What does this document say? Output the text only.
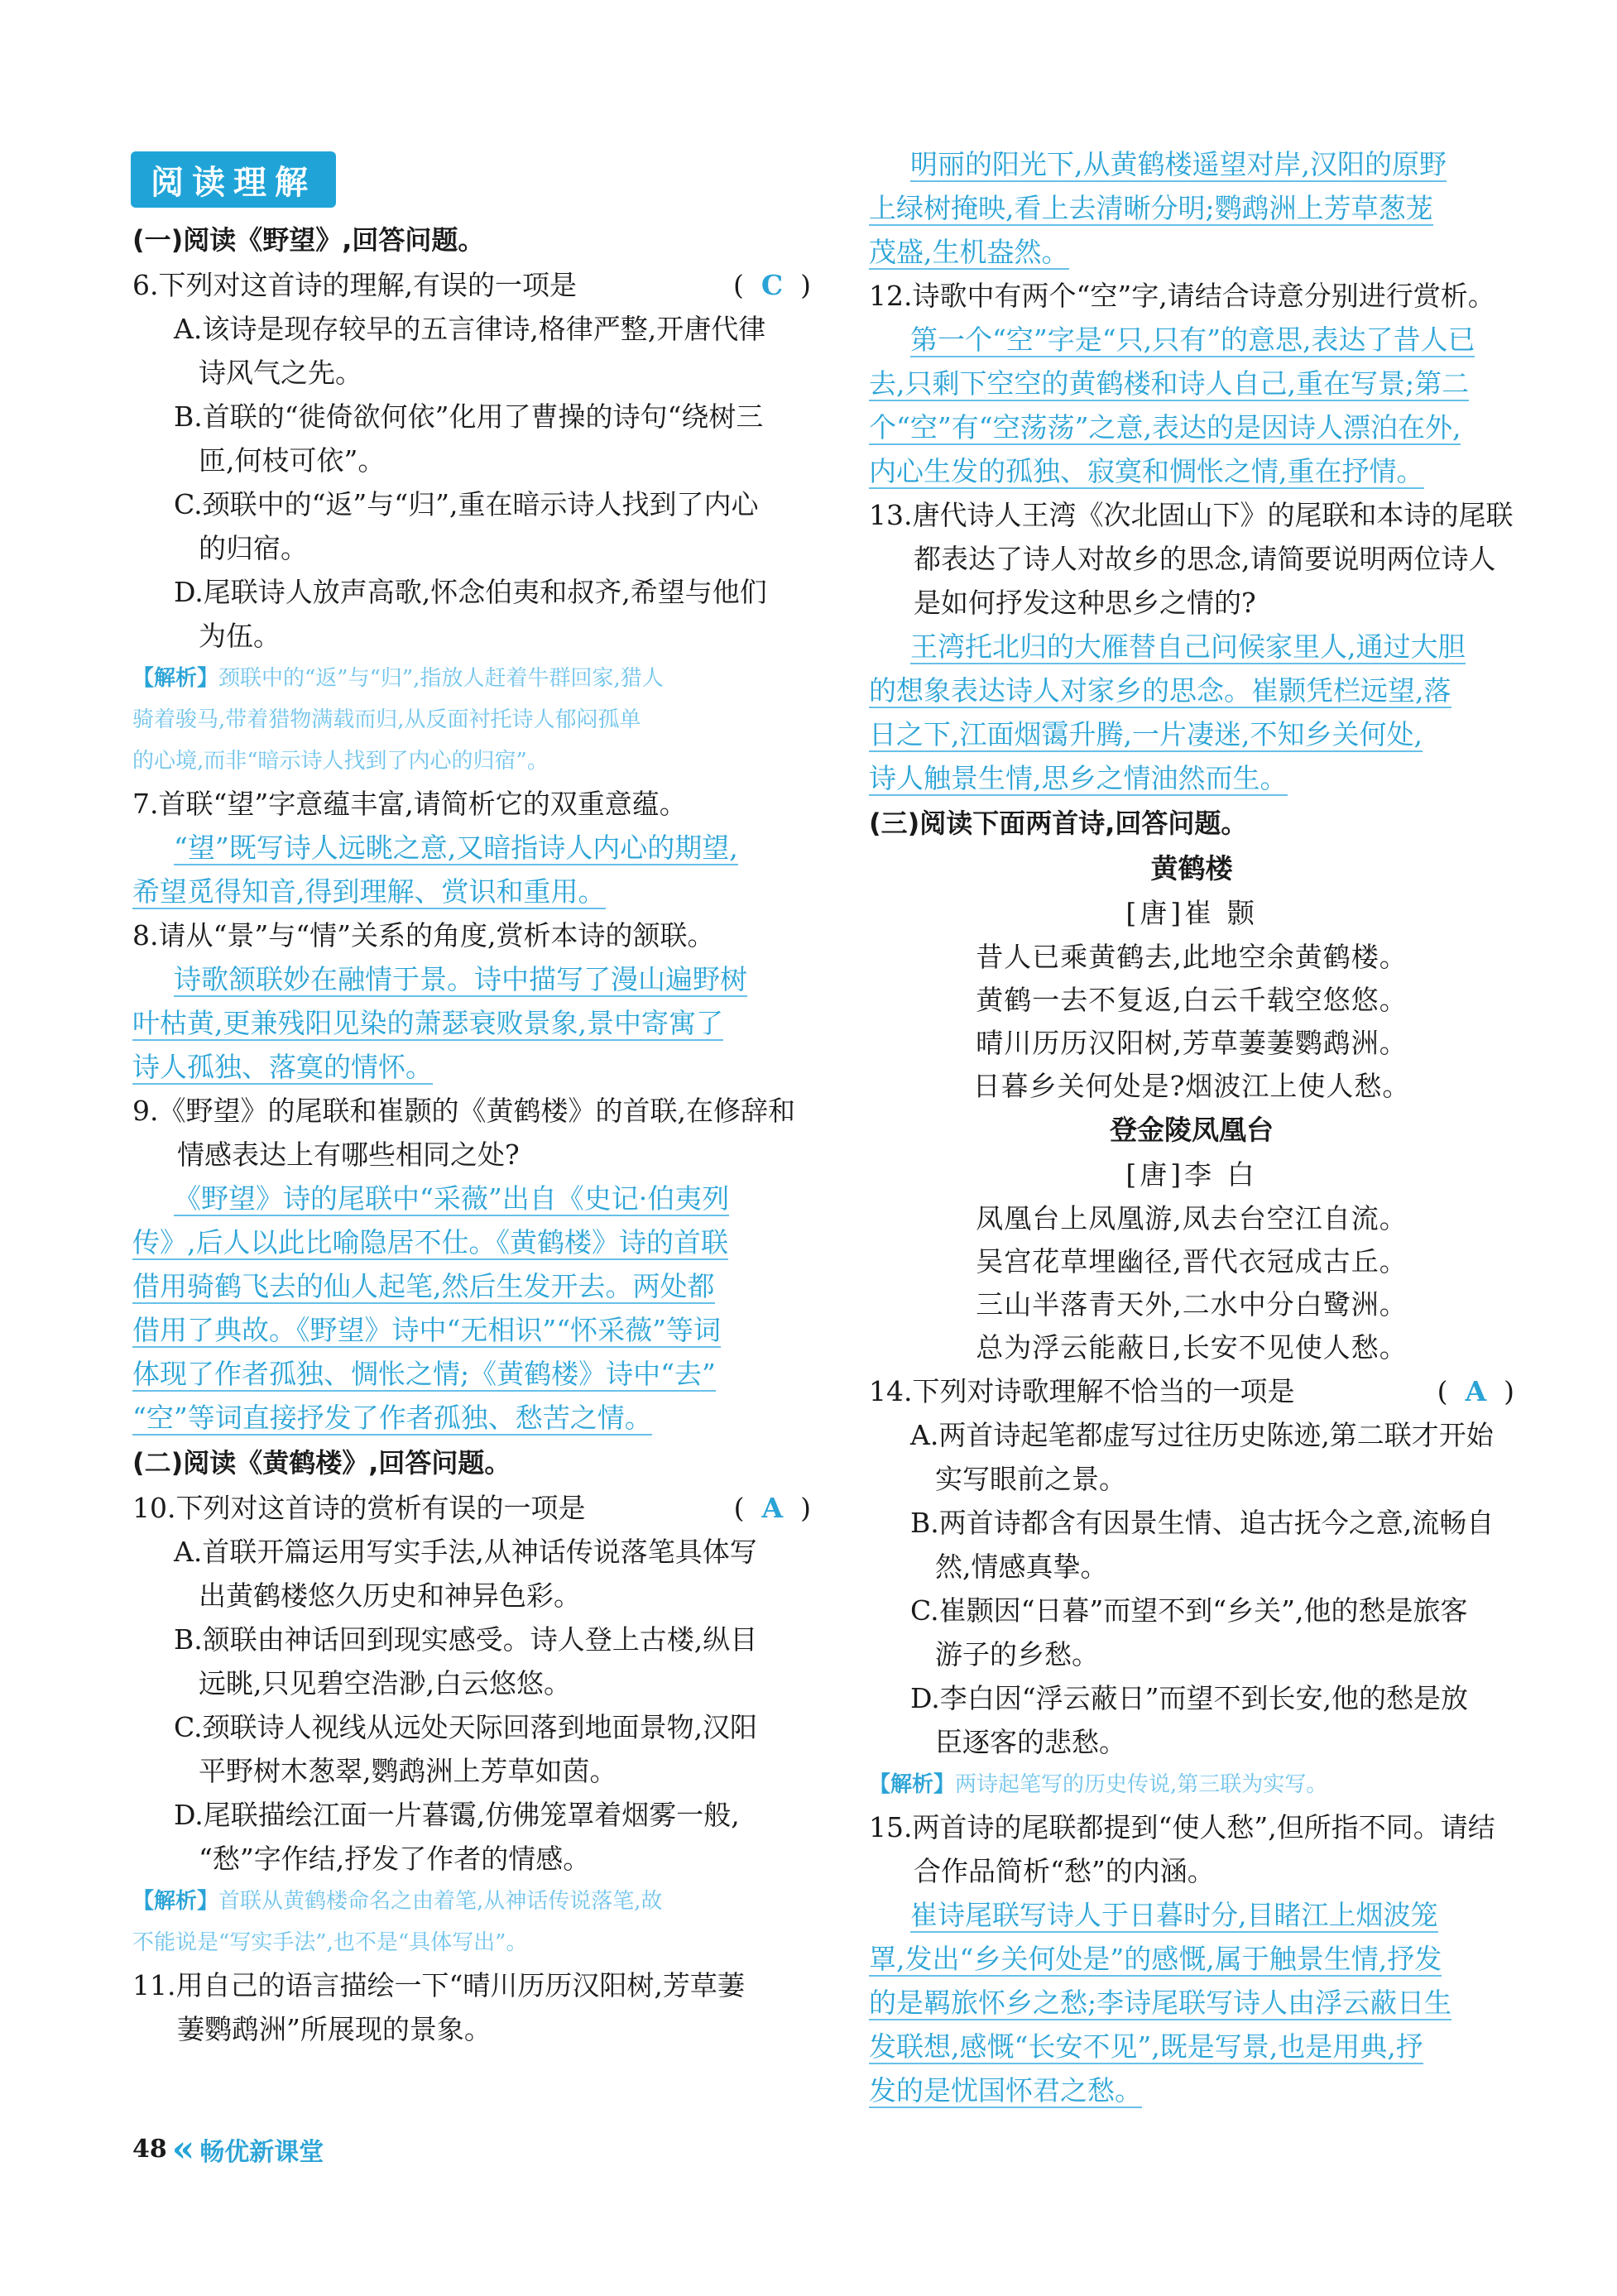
阅读理解
(一)阅读《野望》,回答问题。
6.下列对这首诗的理解,有误的一项是	(  C  )
A.该诗是现存较早的五言律诗,格律严整,开唐代律
诗风气之先。
B.首联的“徙倚欲何依”化用了曹操的诗句“绕树三
匝,何枝可依”。
C.颈联中的“返”与“归”,重在暗示诗人找到了内心
的归宿。
D.尾联诗人放声高歌,怀念伯夷和叔齐,希望与他们
为伍。
【解析】颈联中的“返”与“归”,指放人赶着牛群回家,猎人
骑着骏马,带着猎物满载而归,从反面衬托诗人郁闷孤单
的心境,而非“暗示诗人找到了内心的归宿”。
7.首联“望”字意蕴丰富,请简析它的双重意蕴。
“望”既写诗人远眺之意,又暗指诗人内心的期望,
希望觅得知音,得到理解、赏识和重用。
8.请从“景”与“情”关系的角度,赏析本诗的颔联。
诗歌颔联妙在融情于景。诗中描写了漫山遍野树
叶枯黄,更兼残阳见染的萧瑟衰败景象,景中寄寓了
诗人孤独、落寞的情怀。
9.《野望》的尾联和崔颢的《黄鹤楼》的首联,在修辞和
情感表达上有哪些相同之处?
《野望》诗的尾联中“采薇”出自《史记·伯夷列
传》,后人以此比喻隐居不仕。《黄鹤楼》诗的首联
借用骑鹤飞去的仙人起笔,然后生发开去。两处都
借用了典故。《野望》诗中“无相识”“怀采薇”等词
体现了作者孤独、惆怅之情;《黄鹤楼》诗中“去”
“空”等词直接抒发了作者孤独、愁苦之情。
(二)阅读《黄鹤楼》,回答问题。
10.下列对这首诗的赏析有误的一项是	(  A  )
A.首联开篇运用写实手法,从神话传说落笔具体写
出黄鹤楼悠久历史和神异色彩。
B.颔联由神话回到现实感受。诗人登上古楼,纵目
远眺,只见碧空浩渺,白云悠悠。
C.颈联诗人视线从远处天际回落到地面景物,汉阳
平野树木葱翠,鹦鹉洲上芳草如茵。
D.尾联描绘江面一片暮霭,仿佛笼罩着烟雾一般,
“愁”字作结,抒发了作者的情感。
【解析】首联从黄鹤楼命名之由着笔,从神话传说落笔,故
不能说是“写实手法”,也不是“具体写出”。
11.用自己的语言描绘一下“晴川历历汉阳树,芳草萋
萋鹦鹉洲”所展现的景象。
明丽的阳光下,从黄鹤楼遥望对岸,汉阳的原野
上绿树掩映,看上去清晰分明;鹦鹉洲上芳草葱茏
茂盛,生机盎然。
12.诗歌中有两个“空”字,请结合诗意分别进行赏析。
第一个“空”字是“只,只有”的意思,表达了昔人已
去,只剩下空空的黄鹤楼和诗人自己,重在写景;第二
个“空”有“空荡荡”之意,表达的是因诗人漂泊在外,
内心生发的孤独、寂寞和惆怅之情,重在抒情。
13.唐代诗人王湾《次北固山下》的尾联和本诗的尾联
都表达了诗人对故乡的思念,请简要说明两位诗人
是如何抒发这种思乡之情的?
王湾托北归的大雁替自己问候家里人,通过大胆
的想象表达诗人对家乡的思念。崔颢凭栏远望,落
日之下,江面烟霭升腾,一片凄迷,不知乡关何处,
诗人触景生情,思乡之情油然而生。
(三)阅读下面两首诗,回答问题。
黄鹤楼
[唐]崔 颢
昔人已乘黄鹤去,此地空余黄鹤楼。
黄鹤一去不复返,白云千载空悠悠。
晴川历历汉阳树,芳草萋萋鹦鹉洲。
日暮乡关何处是?烟波江上使人愁。
登金陵凤凰台
[唐]李 白
凤凰台上凤凰游,凤去台空江自流。
吴宫花草埋幽径,晋代衣冠成古丘。
三山半落青天外,二水中分白鹭洲。
总为浮云能蔽日,长安不见使人愁。
14.下列对诗歌理解不恰当的一项是	(  A  )
A.两首诗起笔都虚写过往历史陈迹,第二联才开始
实写眼前之景。
B.两首诗都含有因景生情、追古抚今之意,流畅自
然,情感真挚。
C.崔颢因“日暮”而望不到“乡关”,他的愁是旅客
游子的乡愁。
D.李白因“浮云蔽日”而望不到长安,他的愁是放
臣逐客的悲愁。
【解析】两诗起笔写的历史传说,第三联为实写。
15.两首诗的尾联都提到“使人愁”,但所指不同。请结
合作品简析“愁”的内涵。
崔诗尾联写诗人于日暮时分,目睹江上烟波笼
罩,发出“乡关何处是”的感慨,属于触景生情,抒发
的是羁旅怀乡之愁;李诗尾联写诗人由浮云蔽日生
发联想,感慨“长安不见”,既是写景,也是用典,抒
发的是忧国怀君之愁。
48 « 畅优新课堂
